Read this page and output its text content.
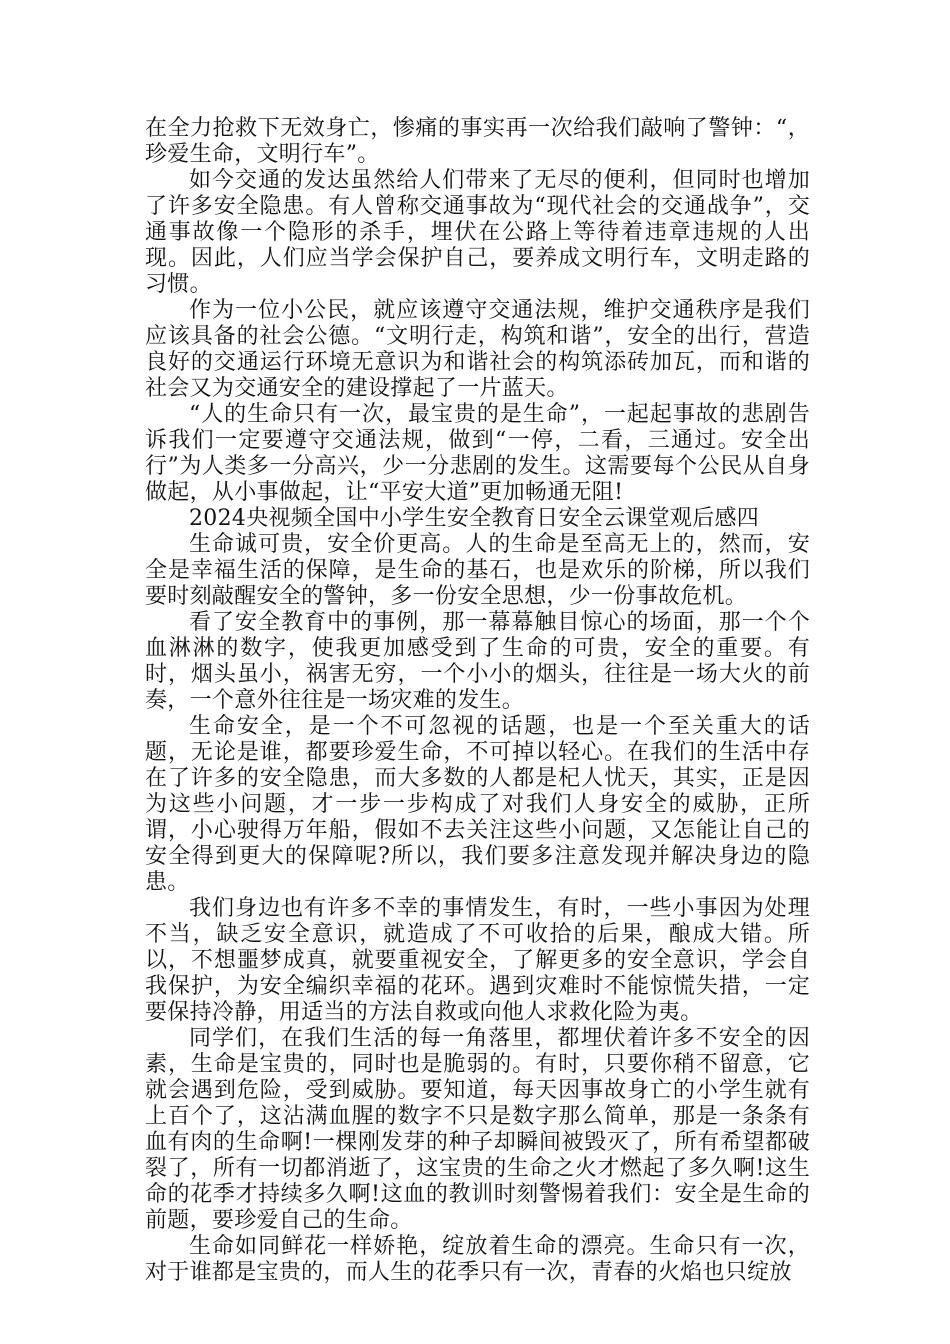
在全力抢救下无效身亡，惨痛的事实再一次给我们敲响了警钟：“，珍爱生命，文明行车”。

如今交通的发达虽然给人们带来了无尽的便利，但同时也增加了许多安全隐患。有人曾称交通事故为“现代社会的交通战争”，交通事故像一个隐形的杀手，埋伏在公路上等待着违章违规的人出现。因此，人们应当学会保护自己，要养成文明行车，文明走路的习惯。

作为一位小公民，就应该遵守交通法规，维护交通秩序是我们应该具备的社会公德。“文明行走，构筑和谐”，安全的出行，营造良好的交通运行环境无意识为和谐社会的构筑添砖加瓦，而和谐的社会又为交通安全的建设撑起了一片蓝天。

“人的生命只有一次，最宝贵的是生命”，一起起事故的悲剧告诉我们一定要遵守交通法规，做到“一停，二看，三通过。安全出行”为人类多一分高兴，少一分悲剧的发生。这需要每个公民从自身做起，从小事做起，让“平安大道”更加畅通无阻!

2024央视频全国中小学生安全教育日安全云课堂观后感四

生命诚可贵，安全价更高。人的生命是至高无上的，然而，安全是幸福生活的保障，是生命的基石，也是欢乐的阶梯，所以我们要时刻敲醒安全的警钟，多一份安全思想，少一份事故危机。

看了安全教育中的事例，那一幕幕触目惊心的场面，那一个个血淋淋的数字，使我更加感受到了生命的可贵，安全的重要。有时，烟头虽小，祸害无穷，一个小小的烟头，往往是一场大火的前奏，一个意外往往是一场灾难的发生。

生命安全，是一个不可忽视的话题，也是一个至关重大的话题，无论是谁，都要珍爱生命，不可掉以轻心。在我们的生活中存在了许多的安全隐患，而大多数的人都是杞人忧天，其实，正是因为这些小问题，才一步一步构成了对我们人身安全的威胁，正所谓，小心驶得万年船，假如不去关注这些小问题，又怎能让自己的安全得到更大的保障呢?所以，我们要多注意发现并解决身边的隐患。

我们身边也有许多不幸的事情发生，有时，一些小事因为处理不当，缺乏安全意识，就造成了不可收拾的后果，酿成大错。所以，不想噩梦成真，就要重视安全，了解更多的安全意识，学会自我保护，为安全编织幸福的花环。遇到灾难时不能惊慌失措，一定要保持冷静，用适当的方法自救或向他人求救化险为夷。

同学们，在我们生活的每一角落里，都埋伏着许多不安全的因素，生命是宝贵的，同时也是脆弱的。有时，只要你稍不留意，它就会遇到危险，受到威胁。要知道，每天因事故身亡的小学生就有上百个了，这沾满血腥的数字不只是数字那么简单，那是一条条有血有肉的生命啊!一棵刚发芽的种子却瞬间被毁灭了，所有希望都破裂了，所有一切都消逝了，这宝贵的生命之火才燃起了多久啊!这生命的花季才持续多久啊!这血的教训时刻警惕着我们：安全是生命的前题，要珍爱自己的生命。

生命如同鲜花一样娇艳，绽放着生命的漂亮。生命只有一次，对于谁都是宝贵的，而人生的花季只有一次，青春的火焰也只绽放
